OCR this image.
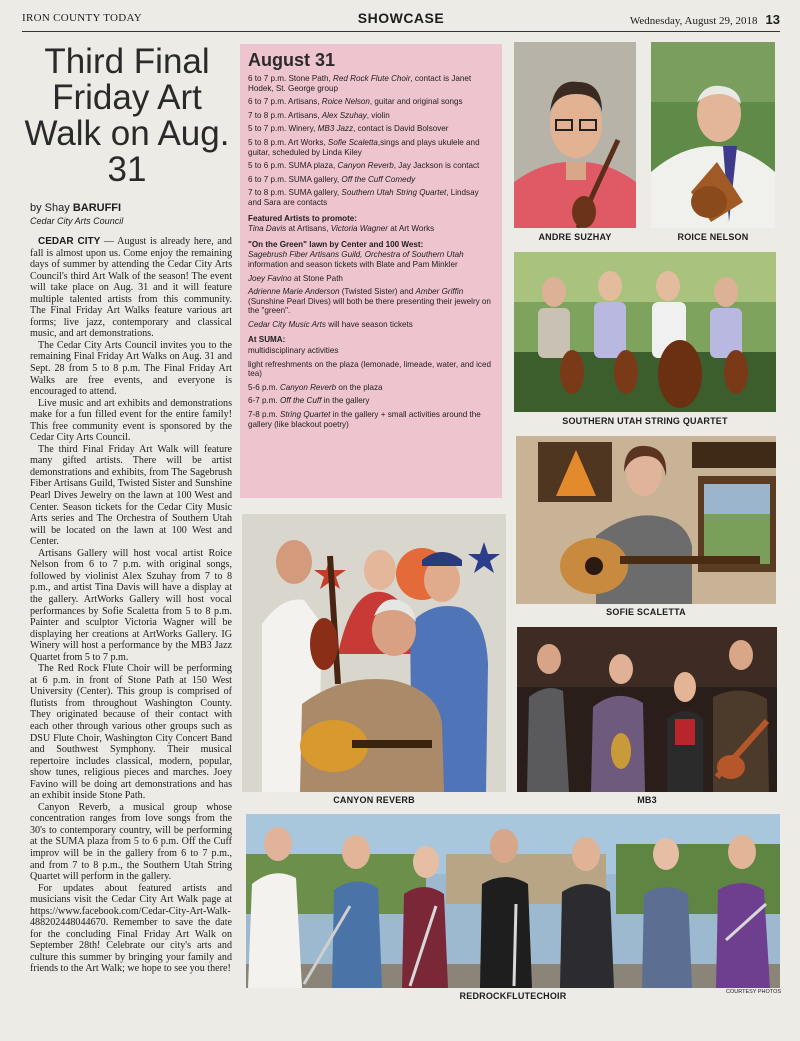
IRON COUNTY TODAY	SHOWCASE	Wednesday, August 29, 2018 13
Third Final Friday Art Walk on Aug. 31
by Shay BARUFFI
Cedar City Arts Council

CEDAR CITY — August is already here, and fall is almost upon us. Come enjoy the remaining days of summer by attending the Cedar City Arts Council's third Art Walk of the season! The event will take place on Aug. 31 and it will feature multiple talented artists from this community. The Final Friday Art Walks feature various art forms; live jazz, contemporary and classical music, and art demonstrations.

The Cedar City Arts Council invites you to the remaining Final Friday Art Walks on Aug. 31 and Sept. 28 from 5 to 8 p.m. The Final Friday Art Walks are free events, and everyone is encouraged to attend.

Live music and art exhibits and demonstrations make for a fun filled event for the entire family! This free community event is sponsored by the Cedar City Arts Council.

The third Final Friday Art Walk will feature many gifted artists. There will be artist demonstrations and exhibits, from The Sagebrush Fiber Artisans Guild, Twisted Sister and Sunshine Pearl Dives Jewelry on the lawn at 100 West and Center. Season tickets for the Cedar City Music Arts series and The Orchestra of Southern Utah will be located on the lawn at 100 West and Center.

Artisans Gallery will host vocal artist Roice Nelson from 6 to 7 p.m. with original songs, followed by violinist Alex Szuhay from 7 to 8 p.m., and artist Tina Davis will have a display at the gallery. ArtWorks Gallery will host vocal performances by Sofie Scaletta from 5 to 8 p.m. Painter and sculptor Victoria Wagner will be displaying her creations at ArtWorks Gallery. IG Winery will host a performance by the MB3 Jazz Quartet from 5 to 7 p.m.

The Red Rock Flute Choir will be performing at 6 p.m. in front of Stone Path at 150 West University (Center). This group is comprised of flutists from throughout Washington County. They originated because of their contact with each other through various other groups such as DSU Flute Choir, Washington City Concert Band and Southwest Symphony. Their musical repertoire includes classical, modern, popular, show tunes, religious pieces and marches. Joey Favino will be doing art demonstrations and has an exhibit inside Stone Path.

Canyon Reverb, a musical group whose concentration ranges from love songs from the 30's to contemporary country, will be performing at the SUMA plaza from 5 to 6 p.m. Off the Cuff improv will be in the gallery from 6 to 7 p.m., and from 7 to 8 p.m., the Southern Utah String Quartet will perform in the gallery.

For updates about featured artists and musicians visit the Cedar City Art Walk page at https://www.facebook.com/Cedar-City-Art-Walk-488202448044670. Remember to save the date for the concluding Final Friday Art Walk on September 28th! Celebrate our city's arts and culture this summer by bringing your family and friends to the Art Walk; we hope to see you there!

August 31
6 to 7 p.m. Stone Path, Red Rock Flute Choir, contact is Janet Hodek, St. George group
6 to 7 p.m. Artisans, Roice Nelson, guitar and original songs
7 to 8 p.m. Artisans, Alex Szuhay, violin
5 to 7 p.m. Winery, MB3 Jazz, contact is David Bolsover
5 to 8 p.m. Art Works, Sofie Scaletta,sings and plays ukulele and guitar, scheduled by Linda Kiley
5 to 6 p.m. SUMA plaza, Canyon Reverb, Jay Jackson is contact
6 to 7 p.m. SUMA gallery, Off the Cuff Comedy
7 to 8 p.m. SUMA gallery, Southern Utah String Quartet, Lindsay and Sara are contacts
Featured Artists to promote:
Tina Davis at Artisans, Victoria Wagner at Art Works
"On the Green" lawn by Center and 100 West:
Sagebrush Fiber Artisans Guild, Orchestra of Southern Utah information and season tickets with Blate and Pam Minkler
Joey Favino at Stone Path
Adrienne Marie Anderson (Twisted Sister) and Amber Griffin (Sunshine Pearl Dives) will both be there presenting their jewelry on the "green".
Cedar City Music Arts will have season tickets
At SUMA:
multidisciplinary activities
light refreshments on the plaza (lemonade, limeade, water, and iced tea)
5-6 p.m. Canyon Reverb on the plaza
6-7 p.m. Off the Cuff in the gallery
7-8 p.m. String Quartet in the gallery + small activities around the gallery (like blackout poetry)
ANDRE SUZHAY	ROICE NELSON
SOUTHERN UTAH STRING QUARTET
SOFIE SCALETTA
CANYON REVERB	MB3
REDROCKFLUTECHOIR	COURTESY PHOTOS
